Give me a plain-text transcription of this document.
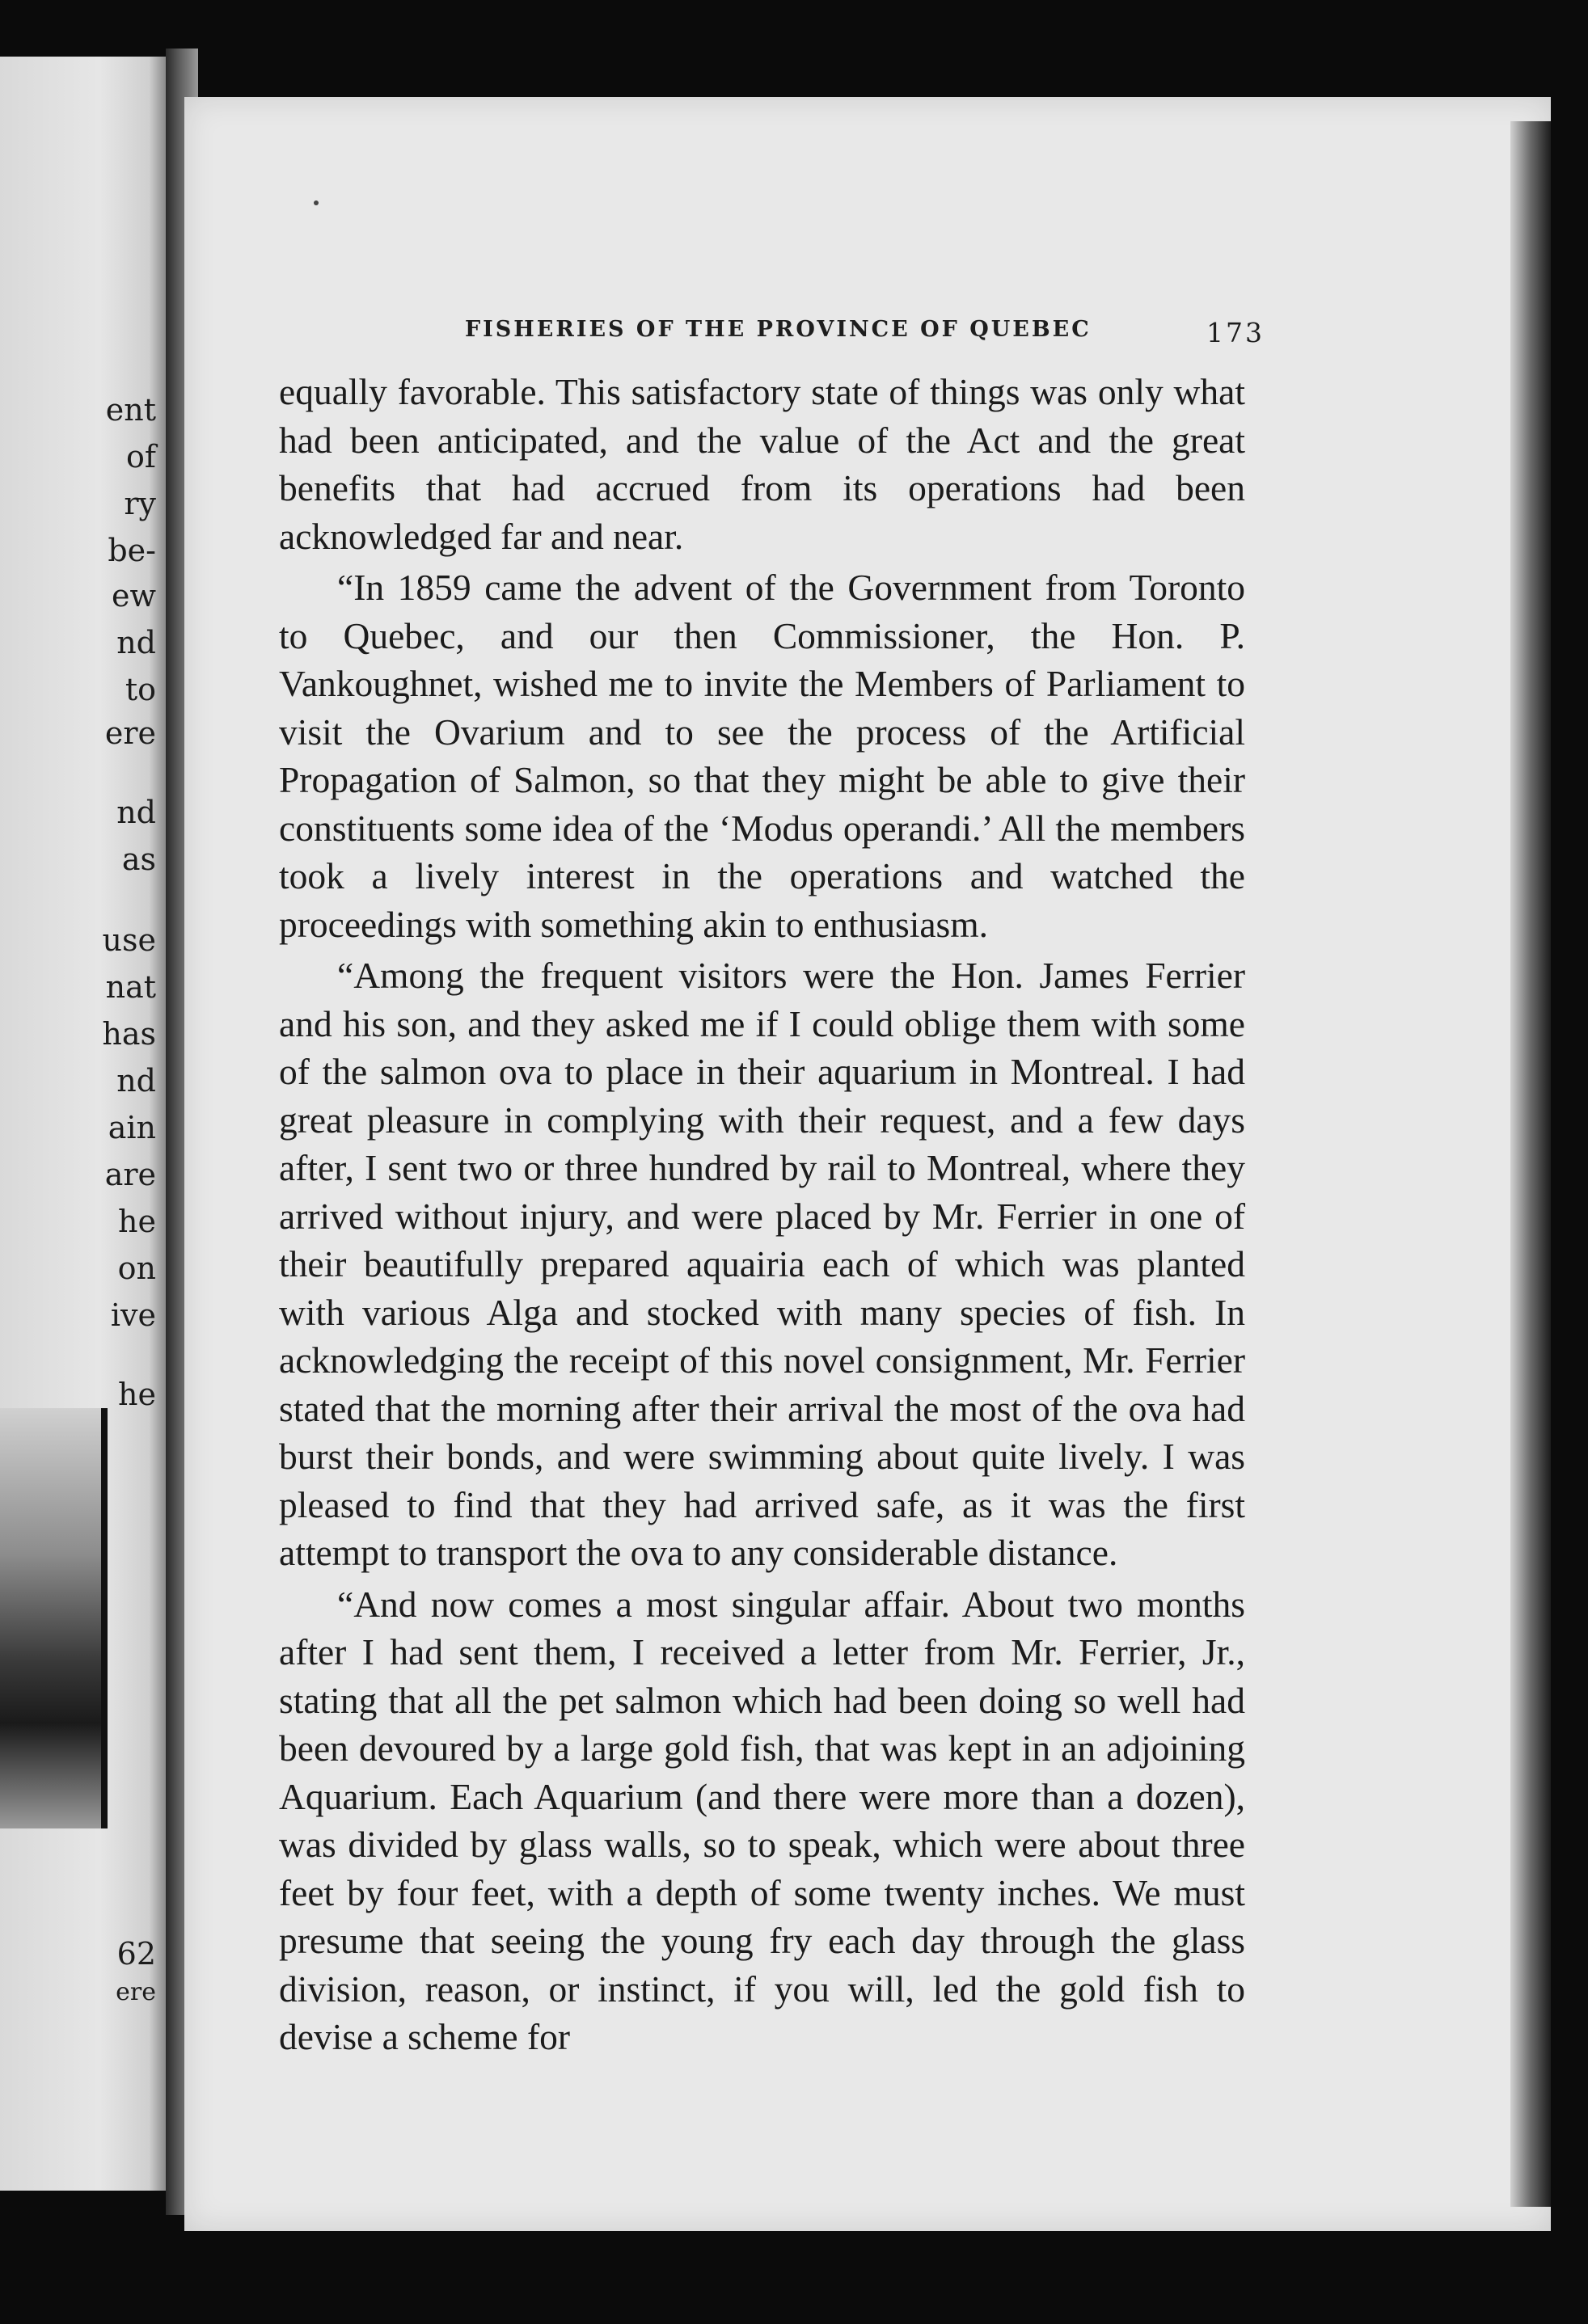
ent
of
ry
be-
ew
nd
to
ere
nd
as
use
nat
has
nd
ain
are
he
on
ive
he
62
ere
FISHERIES OF THE PROVINCE OF QUEBEC	173

equally favorable. This satisfactory state of things was only what had been anticipated, and the value of the Act and the great benefits that had accrued from its operations had been acknowledged far and near.

“In 1859 came the advent of the Government from Toronto to Quebec, and our then Commissioner, the Hon. P. Vankoughnet, wished me to invite the Members of Parliament to visit the Ovarium and to see the process of the Artificial Propagation of Salmon, so that they might be able to give their constituents some idea of the ‘Modus operandi.’ All the members took a lively interest in the operations and watched the proceedings with something akin to enthusiasm.

“Among the frequent visitors were the Hon. James Ferrier and his son, and they asked me if I could oblige them with some of the salmon ova to place in their aquarium in Montreal. I had great pleasure in complying with their request, and a few days after, I sent two or three hundred by rail to Montreal, where they arrived without injury, and were placed by Mr. Ferrier in one of their beautifully prepared aquairia each of which was planted with various Alga and stocked with many species of fish. In acknowledging the receipt of this novel consignment, Mr. Ferrier stated that the morning after their arrival the most of the ova had burst their bonds, and were swimming about quite lively. I was pleased to find that they had arrived safe, as it was the first attempt to transport the ova to any considerable distance.

“And now comes a most singular affair. About two months after I had sent them, I received a letter from Mr. Ferrier, Jr., stating that all the pet salmon which had been doing so well had been devoured by a large gold fish, that was kept in an adjoining Aquarium. Each Aquarium (and there were more than a dozen), was divided by glass walls, so to speak, which were about three feet by four feet, with a depth of some twenty inches. We must presume that seeing the young fry each day through the glass division, reason, or instinct, if you will, led the gold fish to devise a scheme for
